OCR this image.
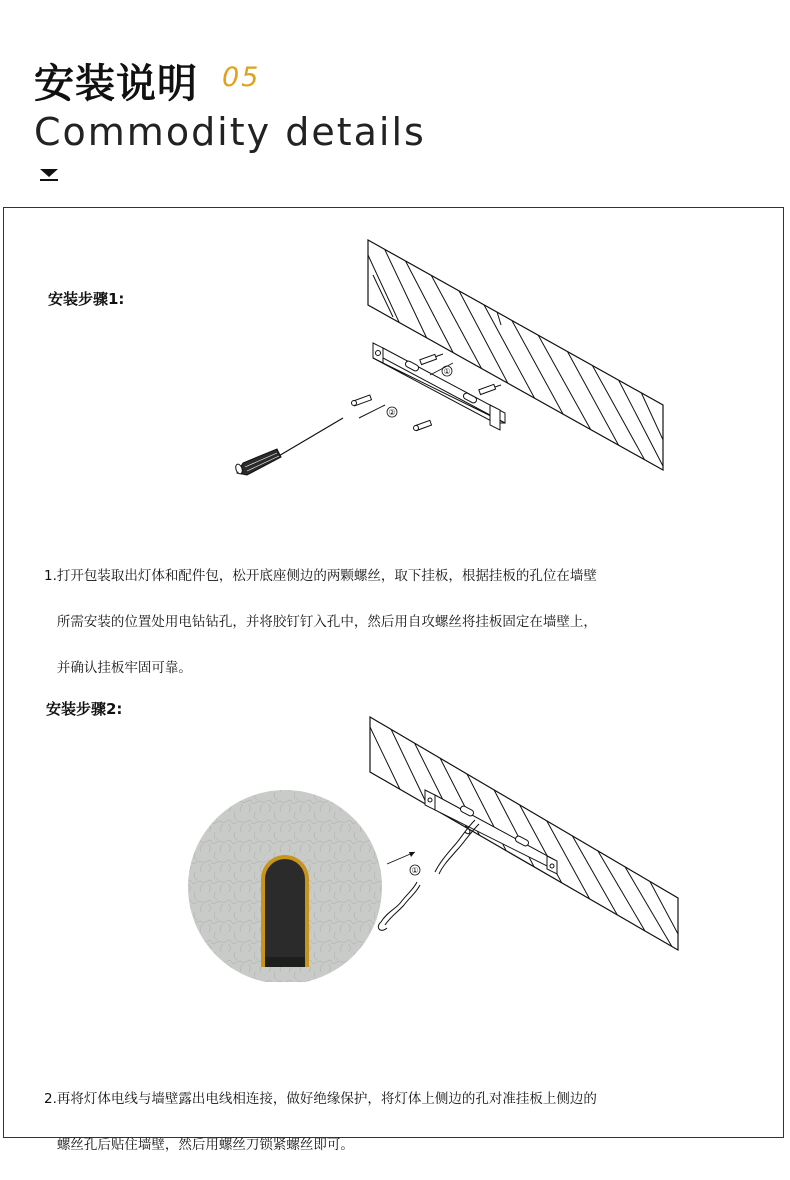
安装说明 05
Commodity details
安装步骤1:
①
②

1.打开包装取出灯体和配件包，松开底座侧边的两颗螺丝，取下挂板，根据挂板的孔位在墙壁

所需安装的位置处用电钻钻孔，并将胶钉钉入孔中，然后用自攻螺丝将挂板固定在墙壁上，

并确认挂板牢固可靠。

安装步骤2:
①

2.再将灯体电线与墙壁露出电线相连接，做好绝缘保护，将灯体上侧边的孔对准挂板上侧边的

螺丝孔后贴住墙壁，然后用螺丝刀锁紧螺丝即可。
